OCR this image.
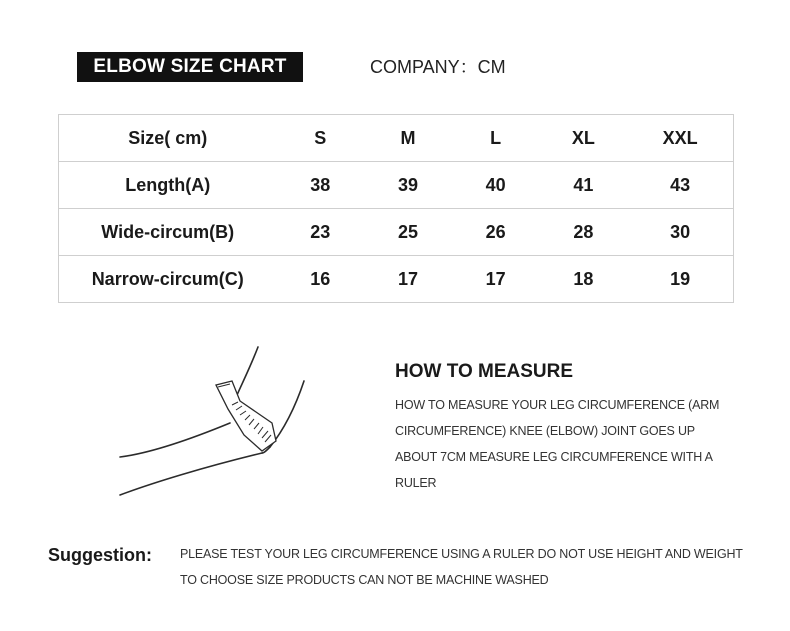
ELBOW SIZE CHART	COMPANY：CM
Size( cm)	S	M	L	XL	XXL
Length(A)	38	39	40	41	43
Wide-circum(B)	23	25	26	28	30
Narrow-circum(C)	16	17	17	18	19
HOW TO MEASURE
HOW TO MEASURE YOUR LEG CIRCUMFERENCE (ARM CIRCUMFERENCE) KNEE (ELBOW) JOINT GOES UP ABOUT 7CM MEASURE LEG CIRCUMFERENCE WITH A RULER
Suggestion: PLEASE TEST YOUR LEG CIRCUMFERENCE USING A RULER DO NOT USE HEIGHT AND WEIGHT TO CHOOSE SIZE PRODUCTS CAN NOT BE MACHINE WASHED
